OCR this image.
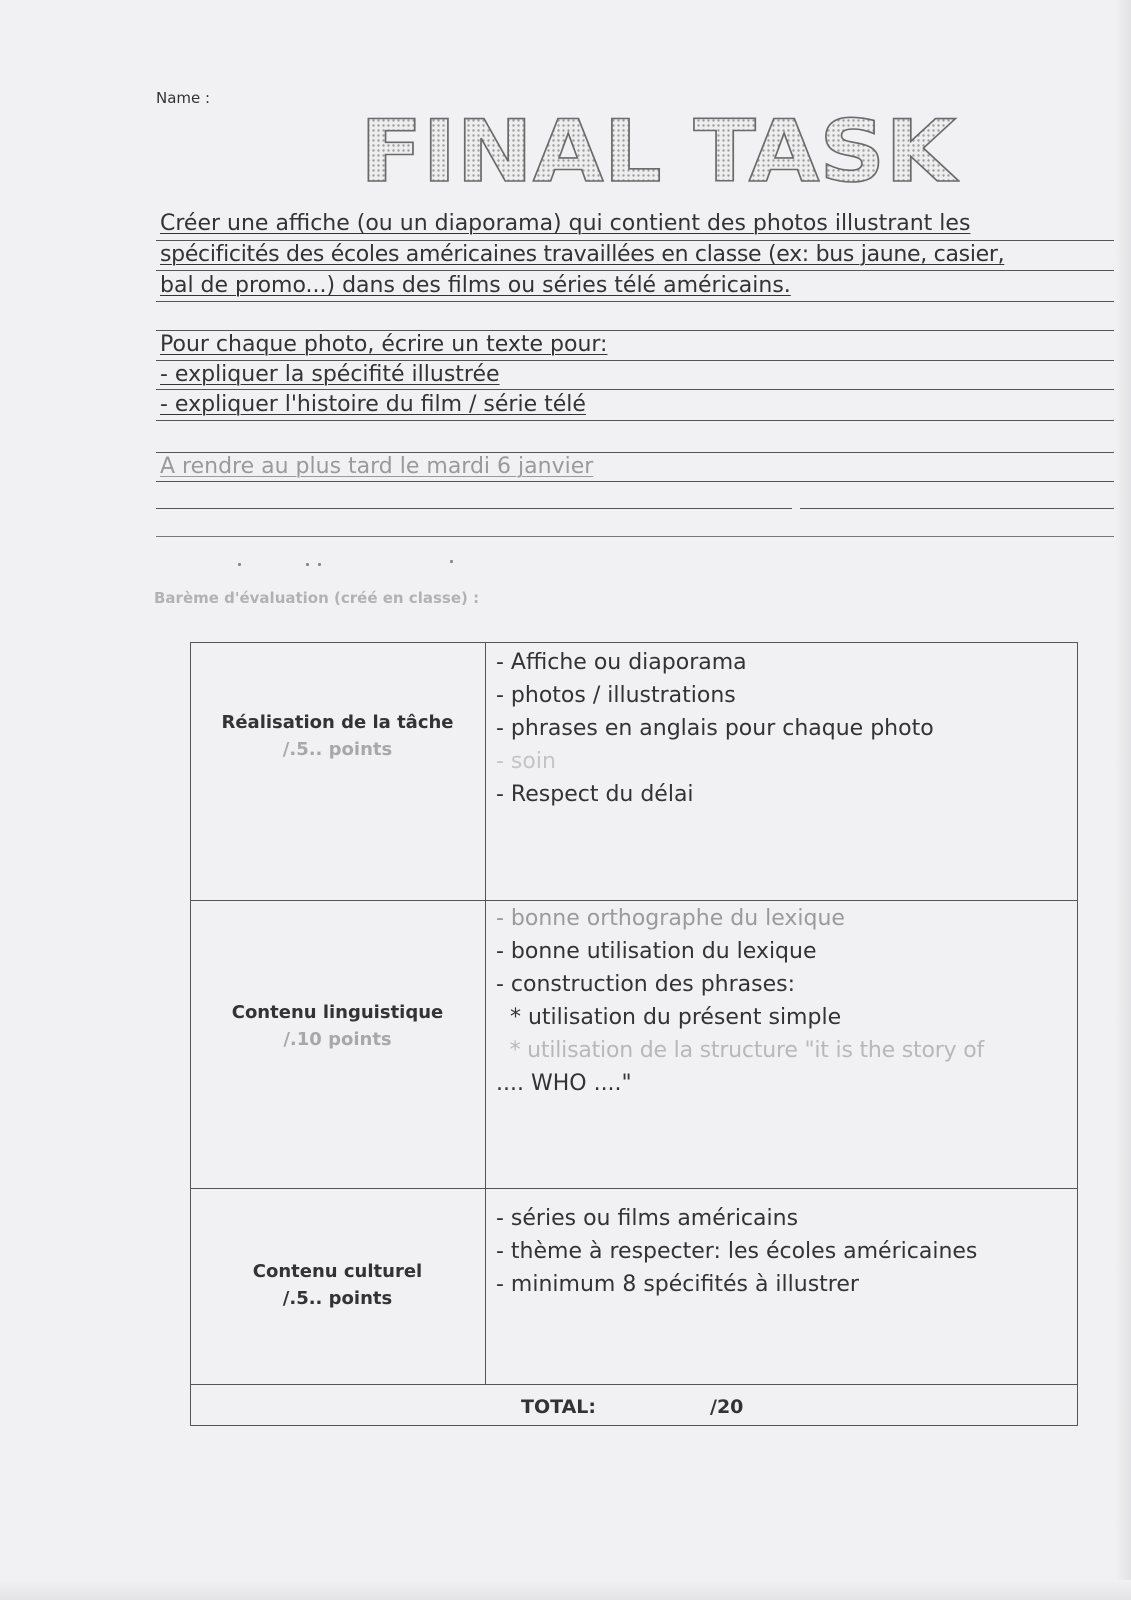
Name :
FINAL TASK
Créer une affiche (ou un diaporama) qui contient des photos illustrant les
spécificités des écoles américaines travaillées en classe (ex: bus jaune, casier,
bal de promo...) dans des films ou séries télé américains.
Pour chaque photo, écrire un texte pour:
- expliquer la spécifité illustrée
- expliquer l'histoire du film / série télé
A rendre au plus tard le mardi 6 janvier
Barème d'évaluation (créé en classe) :
Réalisation de la tâche
/.5.. points
- Affiche ou diaporama
- photos / illustrations
- phrases en anglais pour chaque photo
- soin
- Respect du délai
Contenu linguistique
/.10 points
- bonne orthographe du lexique
- bonne utilisation du lexique
- construction des phrases:
* utilisation du présent simple
* utilisation de la structure "it is the story of
.... WHO ...."
Contenu culturel
/.5.. points
- séries ou films américains
- thème à respecter: les écoles américaines
- minimum 8 spécifités à illustrer
TOTAL:	/20
